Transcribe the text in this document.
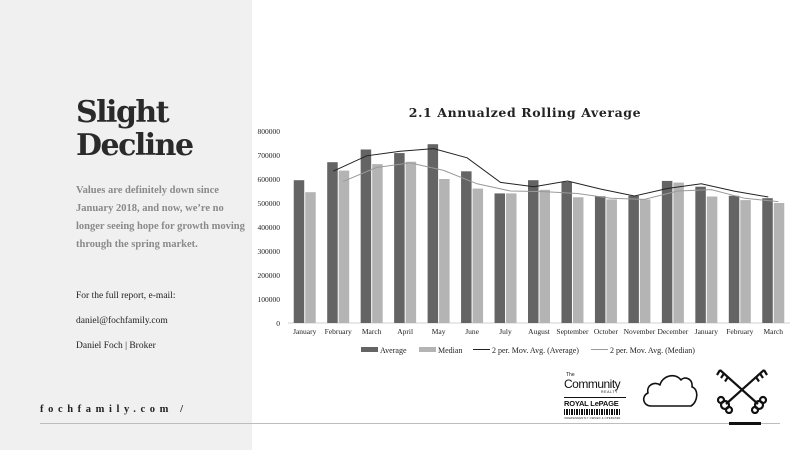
Slight
Decline
Values are definitely down since January 2018, and now, we’re no longer seeing hope for growth moving through the spring market.
For the full report, e-mail:
daniel@fochfamily.com
Daniel Foch | Broker
2.1 Annualzed Rolling Average
0
100000
200000
300000
400000
500000
600000
700000
800000
January February March April May	June	July August September October November December January February March
Average	Median	2 per. Mov. Avg. (Average)	2 per. Mov. Avg. (Median)
The
Community
REALTY
ROYAL LePAGE
INDEPENDENTLY OWNED & OPERATED
fochfamily.com /
